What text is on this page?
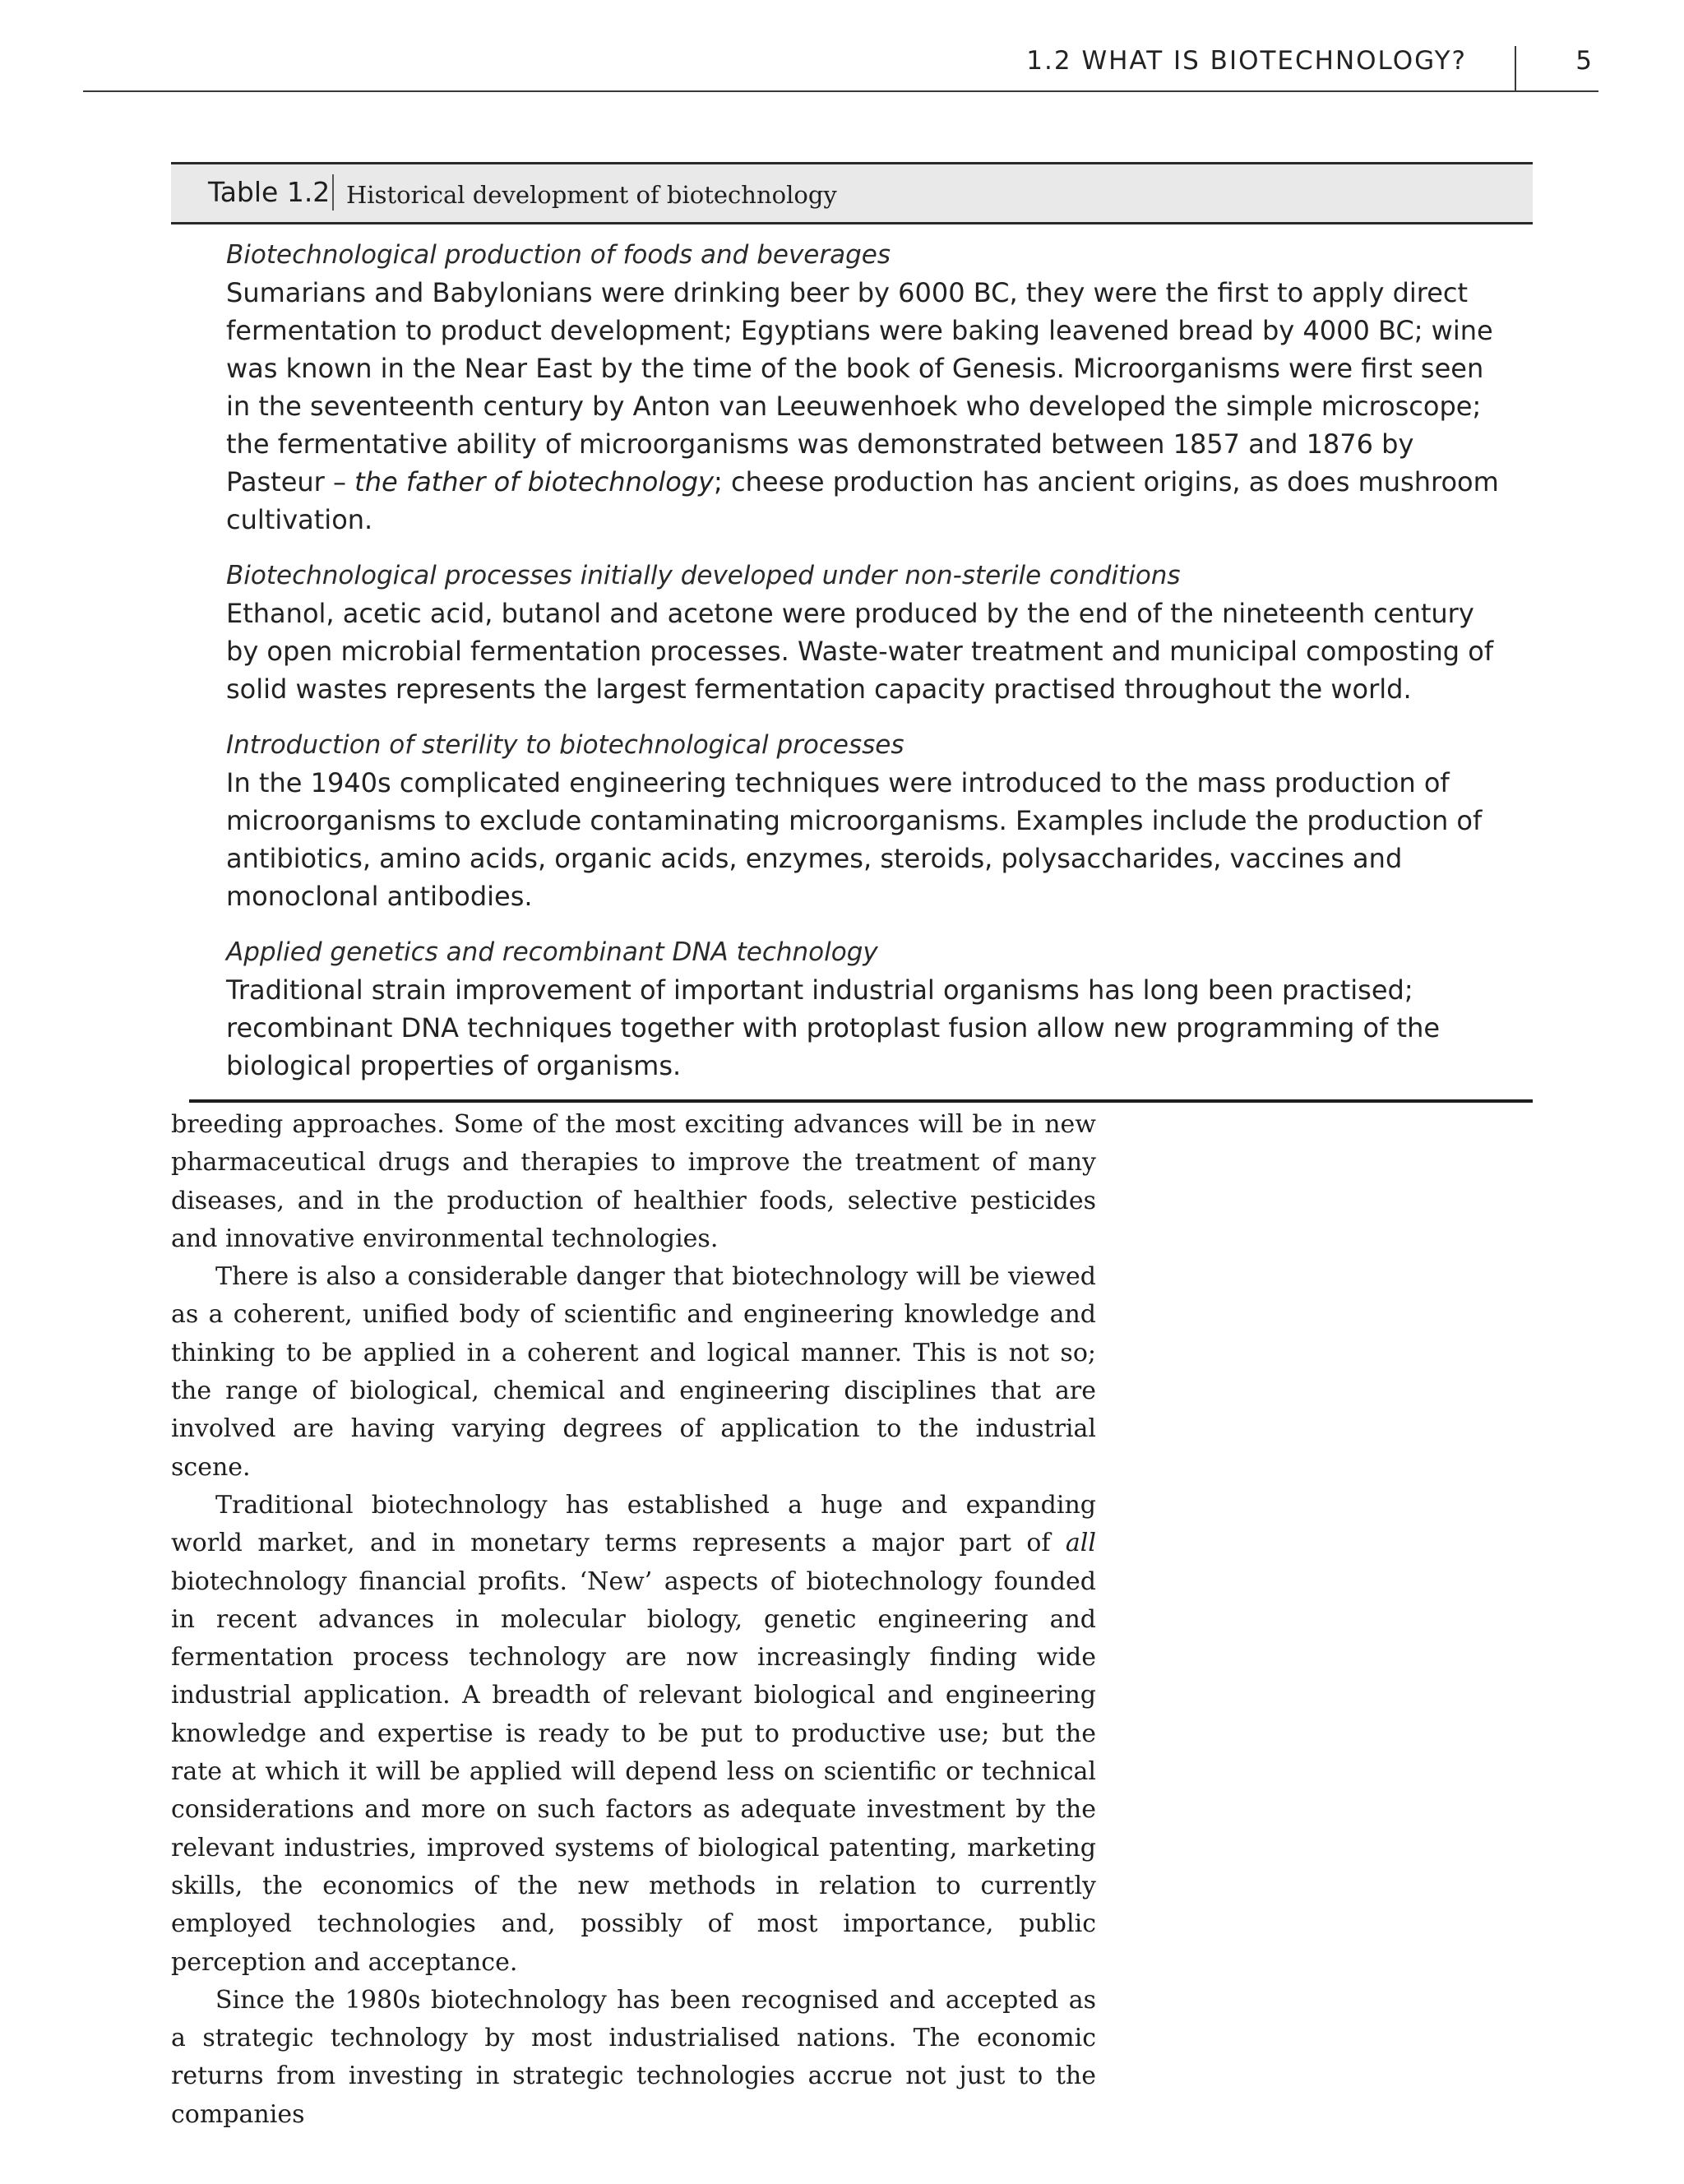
1.2 WHAT IS BIOTECHNOLOGY?	5
Table 1.2 Historical development of biotechnology
Biotechnological production of foods and beverages
Sumarians and Babylonians were drinking beer by 6000 BC, they were the first to apply direct fermentation to product development; Egyptians were baking leavened bread by 4000 BC; wine was known in the Near East by the time of the book of Genesis. Microorganisms were first seen in the seventeenth century by Anton van Leeuwenhoek who developed the simple microscope; the fermentative ability of microorganisms was demonstrated between 1857 and 1876 by Pasteur – the father of biotechnology; cheese production has ancient origins, as does mushroom cultivation.
Biotechnological processes initially developed under non-sterile conditions
Ethanol, acetic acid, butanol and acetone were produced by the end of the nineteenth century by open microbial fermentation processes. Waste-water treatment and municipal composting of solid wastes represents the largest fermentation capacity practised throughout the world.
Introduction of sterility to biotechnological processes
In the 1940s complicated engineering techniques were introduced to the mass production of microorganisms to exclude contaminating microorganisms. Examples include the production of antibiotics, amino acids, organic acids, enzymes, steroids, polysaccharides, vaccines and monoclonal antibodies.
Applied genetics and recombinant DNA technology
Traditional strain improvement of important industrial organisms has long been practised; recombinant DNA techniques together with protoplast fusion allow new programming of the biological properties of organisms.

breeding approaches. Some of the most exciting advances will be in new pharmaceutical drugs and therapies to improve the treatment of many diseases, and in the production of healthier foods, selective pesticides and innovative environmental technologies.

There is also a considerable danger that biotechnology will be viewed as a coherent, unified body of scientific and engineering knowledge and thinking to be applied in a coherent and logical manner. This is not so; the range of biological, chemical and engineering disciplines that are involved are having varying degrees of application to the industrial scene.

Traditional biotechnology has established a huge and expanding world market, and in monetary terms represents a major part of all biotechnology financial profits. ‘New’ aspects of biotechnology founded in recent advances in molecular biology, genetic engineering and fermentation process technology are now increasingly finding wide industrial application. A breadth of relevant biological and engineering knowledge and expertise is ready to be put to productive use; but the rate at which it will be applied will depend less on scientific or technical considerations and more on such factors as adequate investment by the relevant industries, improved systems of biological patenting, marketing skills, the economics of the new methods in relation to currently employed technologies and, possibly of most importance, public perception and acceptance.

Since the 1980s biotechnology has been recognised and accepted as a strategic technology by most industrialised nations. The economic returns from investing in strategic technologies accrue not just to the companies
